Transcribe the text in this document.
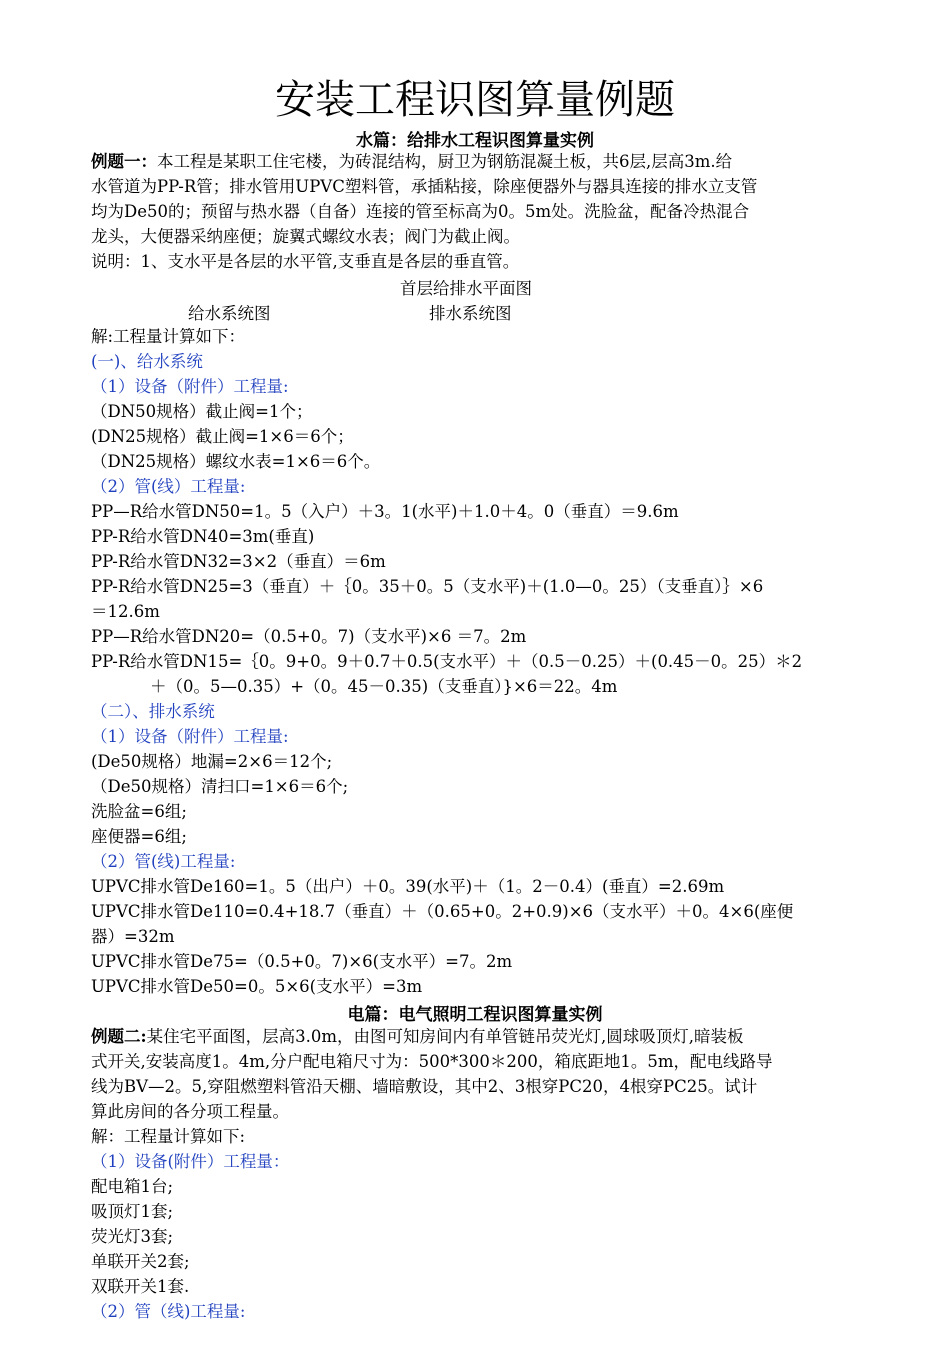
安装工程识图算量例题
水篇：给排水工程识图算量实例
例题一：本工程是某职工住宅楼，为砖混结构，厨卫为钢筋混凝土板，共6层,层高3m.给
水管道为PP-R管；排水管用UPVC塑料管，承插粘接，除座便器外与器具连接的排水立支管
均为De50的；预留与热水器（自备）连接的管至标高为0。5m处。洗脸盆，配备冷热混合
龙头，大便器采纳座便；旋翼式螺纹水表；阀门为截止阀。
说明：1、支水平是各层的水平管,支垂直是各层的垂直管。
首层给排水平面图
给水系统图	排水系统图
解:工程量计算如下：
(一)、给水系统
（1）设备（附件）工程量:
（DN50规格）截止阀=1个；
(DN25规格）截止阀=1×6＝6个；
（DN25规格）螺纹水表=1×6＝6个。
（2）管(线）工程量:
PP—R给水管DN50=1。5（入户）＋3。1(水平)＋1.0＋4。0（垂直）＝9.6m
PP-R给水管DN40=3m(垂直)
PP-R给水管DN32=3×2（垂直）＝6m
PP-R给水管DN25=3（垂直）＋｛0。35＋0。5（支水平)＋(1.0—0。25）（支垂直）｝×6
＝12.6m
PP—R给水管DN20=（0.5+0。7)（支水平)×6 ＝7。2m
PP-R给水管DN15=｛0。9+0。9＋0.7＋0.5(支水平）＋（0.5－0.25）＋(0.45－0。25）＊2
＋（0。5—0.35）+（0。45－0.35)（支垂直）}×6＝22。4m
（二）、排水系统
（1）设备（附件）工程量:
(De50规格）地漏=2×6＝12个;
（De50规格）清扫口=1×6＝6个;
洗脸盆=6组;
座便器=6组;
（2）管(线)工程量:
UPVC排水管De160=1。5（出户）＋0。39(水平)＋（1。2－0.4）(垂直）=2.69m
UPVC排水管De110=0.4+18.7（垂直）＋（0.65+0。2+0.9)×6（支水平）＋0。4×6(座便
器）=32m
UPVC排水管De75=（0.5+0。7)×6(支水平）=7。2m
UPVC排水管De50=0。5×6(支水平）=3m
电篇：电气照明工程识图算量实例
例题二:某住宅平面图，层高3.0m，由图可知房间内有单管链吊荧光灯,圆球吸顶灯,暗装板
式开关,安装高度1。4m,分户配电箱尺寸为：500*300＊200，箱底距地1。5m，配电线路导
线为BV—2。5,穿阻燃塑料管沿天棚、墙暗敷设，其中2、3根穿PC20，4根穿PC25。试计
算此房间的各分项工程量。
解：工程量计算如下:
（1）设备(附件）工程量：
配电箱1台;
吸顶灯1套;
荧光灯3套;
单联开关2套;
双联开关1套.
（2）管（线)工程量:
